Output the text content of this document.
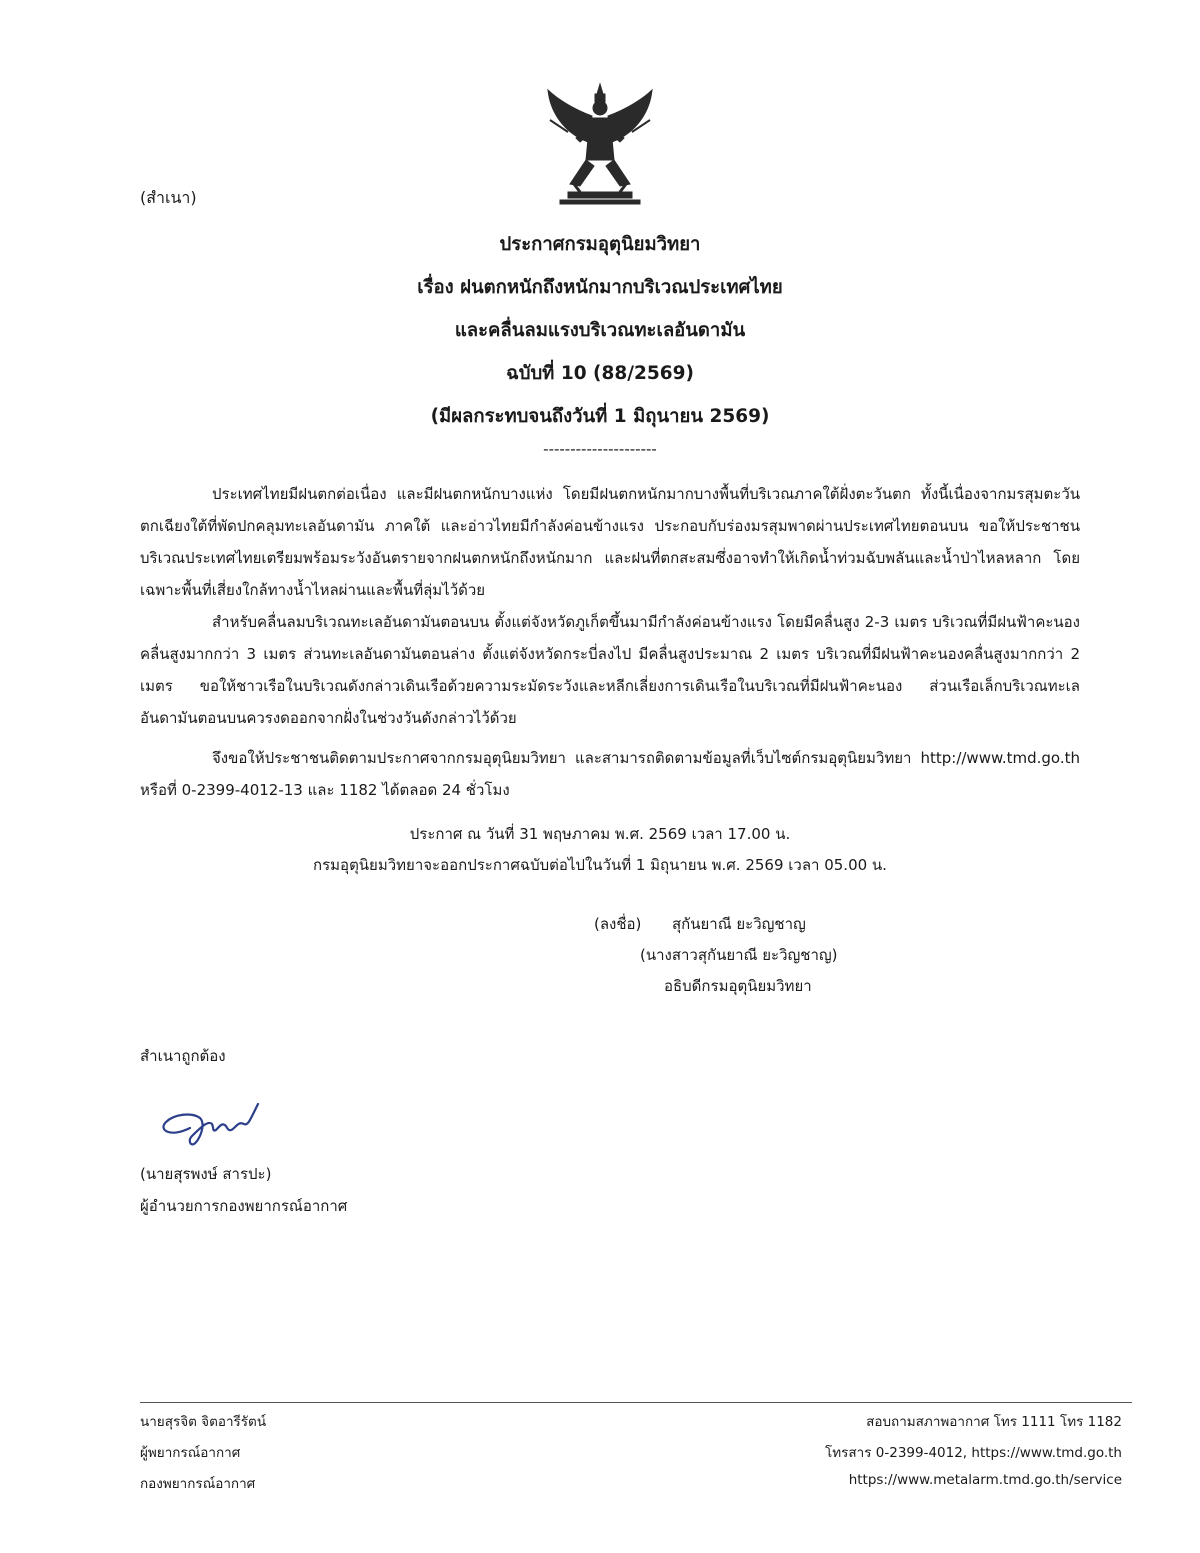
(สำเนา)
ประกาศกรมอุตุนิยมวิทยา
เรื่อง ฝนตกหนักถึงหนักมากบริเวณประเทศไทย
และคลื่นลมแรงบริเวณทะเลอันดามัน
ฉบับที่ 10 (88/2569)
(มีผลกระทบจนถึงวันที่ 1 มิถุนายน 2569)
---------------------
ประเทศไทยมีฝนตกต่อเนื่อง และมีฝนตกหนักบางแห่ง โดยมีฝนตกหนักมากบางพื้นที่บริเวณภาคใต้ฝั่งตะวันตก ทั้งนี้เนื่องจากมรสุมตะวันตกเฉียงใต้ที่พัดปกคลุมทะเลอันดามัน ภาคใต้ และอ่าวไทยมีกำลังค่อนข้างแรง ประกอบกับร่องมรสุมพาดผ่านประเทศไทยตอนบน ขอให้ประชาชนบริเวณประเทศไทยเตรียมพร้อมระวังอันตรายจากฝนตกหนักถึงหนักมาก และฝนที่ตกสะสมซึ่งอาจทำให้เกิดน้ำท่วมฉับพลันและน้ำป่าไหลหลาก โดยเฉพาะพื้นที่เสี่ยงใกล้ทางน้ำไหลผ่านและพื้นที่ลุ่มไว้ด้วย
สำหรับคลื่นลมบริเวณทะเลอันดามันตอนบน ตั้งแต่จังหวัดภูเก็ตขึ้นมามีกำลังค่อนข้างแรง โดยมีคลื่นสูง 2-3 เมตร บริเวณที่มีฝนฟ้าคะนองคลื่นสูงมากกว่า 3 เมตร ส่วนทะเลอันดามันตอนล่าง ตั้งแต่จังหวัดกระบี่ลงไป มีคลื่นสูงประมาณ 2 เมตร บริเวณที่มีฝนฟ้าคะนองคลื่นสูงมากกว่า 2 เมตร ขอให้ชาวเรือในบริเวณดังกล่าวเดินเรือด้วยความระมัดระวังและหลีกเลี่ยงการเดินเรือในบริเวณที่มีฝนฟ้าคะนอง ส่วนเรือเล็กบริเวณทะเลอันดามันตอนบนควรงดออกจากฝั่งในช่วงวันดังกล่าวไว้ด้วย
จึงขอให้ประชาชนติดตามประกาศจากกรมอุตุนิยมวิทยา และสามารถติดตามข้อมูลที่เว็บไซต์กรมอุตุนิยมวิทยา http://www.tmd.go.th หรือที่ 0-2399-4012-13 และ 1182 ได้ตลอด 24 ชั่วโมง
ประกาศ ณ วันที่ 31 พฤษภาคม พ.ศ. 2569 เวลา 17.00 น.
กรมอุตุนิยมวิทยาจะออกประกาศฉบับต่อไปในวันที่ 1 มิถุนายน พ.ศ. 2569 เวลา 05.00 น.
(ลงชื่อ) สุกันยาณี ยะวิญชาญ
(นางสาวสุกันยาณี ยะวิญชาญ)
อธิบดีกรมอุตุนิยมวิทยา
สำเนาถูกต้อง
(นายสุรพงษ์ สารปะ)
ผู้อำนวยการกองพยากรณ์อากาศ
นายสุรจิต จิตอารีรัตน์
ผู้พยากรณ์อากาศ
กองพยากรณ์อากาศ
สอบถามสภาพอากาศ โทร 1111 โทร 1182
โทรสาร 0-2399-4012, https://www.tmd.go.th
https://www.metalarm.tmd.go.th/service
